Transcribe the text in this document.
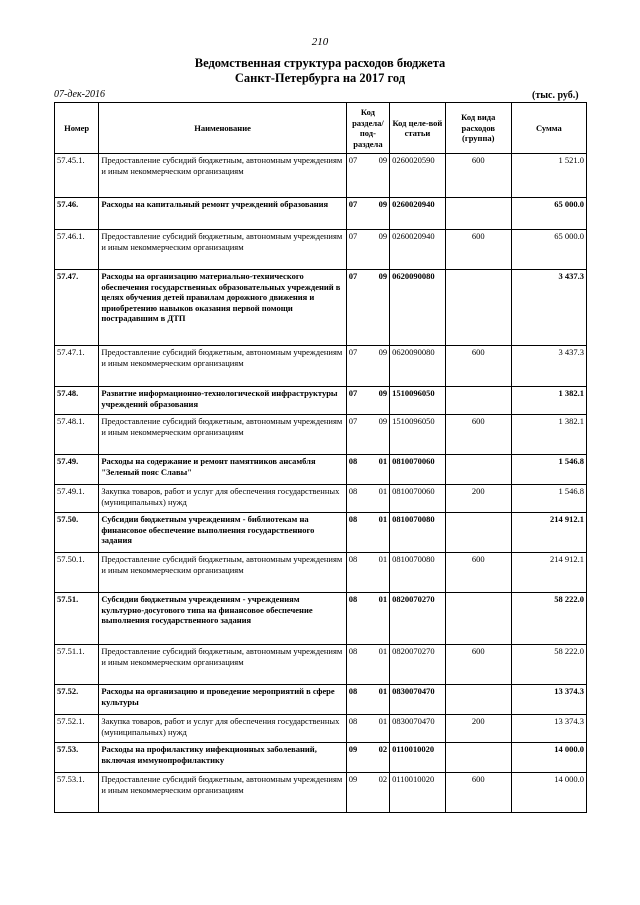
210
Ведомственная структура расходов бюджета
Санкт-Петербурга на 2017 год
07-дек-2016	(тыс. руб.)
Номер	Наименование	Код раздела/ под-раздела	Код целе-вой статьи	Код вида расходов (группа)	Сумма
57.45.1.	Предоставление субсидий бюджетным, автономным учреждениям и иным некоммерческим организациям	07 09	0260020590	600	1 521.0
57.46.	Расходы на капитальный ремонт учреждений образования	07 09	0260020940		65 000.0
57.46.1.	Предоставление субсидий бюджетным, автономным учреждениям и иным некоммерческим организациям	07 09	0260020940	600	65 000.0
57.47.	Расходы на организацию материально-технического обеспечения государственных образовательных учреждений в целях обучения детей правилам дорожного движения и приобретению навыков оказания первой помощи пострадавшим в ДТП	07 09	0620090080		3 437.3
57.47.1.	Предоставление субсидий бюджетным, автономным учреждениям и иным некоммерческим организациям	07 09	0620090080	600	3 437.3
57.48.	Развитие информационно-технологической инфраструктуры учреждений образования	07 09	1510096050		1 382.1
57.48.1.	Предоставление субсидий бюджетным, автономным учреждениям и иным некоммерческим организациям	07 09	1510096050	600	1 382.1
57.49.	Расходы на содержание и ремонт памятников ансамбля "Зеленый пояс Славы"	08 01	0810070060		1 546.8
57.49.1.	Закупка товаров, работ и услуг для обеспечения государственных (муниципальных) нужд	08 01	0810070060	200	1 546.8
57.50.	Субсидии бюджетным учреждениям - библиотекам на финансовое обеспечение выполнения государственного задания	08 01	0810070080		214 912.1
57.50.1.	Предоставление субсидий бюджетным, автономным учреждениям и иным некоммерческим организациям	08 01	0810070080	600	214 912.1
57.51.	Субсидии бюджетным учреждениям - учреждениям культурно-досугового типа на финансовое обеспечение выполнения государственного задания	08 01	0820070270		58 222.0
57.51.1.	Предоставление субсидий бюджетным, автономным учреждениям и иным некоммерческим организациям	08 01	0820070270	600	58 222.0
57.52.	Расходы на организацию и проведение мероприятий в сфере культуры	08 01	0830070470		13 374.3
57.52.1.	Закупка товаров, работ и услуг для обеспечения государственных (муниципальных) нужд	08 01	0830070470	200	13 374.3
57.53.	Расходы на профилактику инфекционных заболеваний, включая иммунопрофилактику	09 02	0110010020		14 000.0
57.53.1.	Предоставление субсидий бюджетным, автономным учреждениям и иным некоммерческим организациям	09 02	0110010020	600	14 000.0
